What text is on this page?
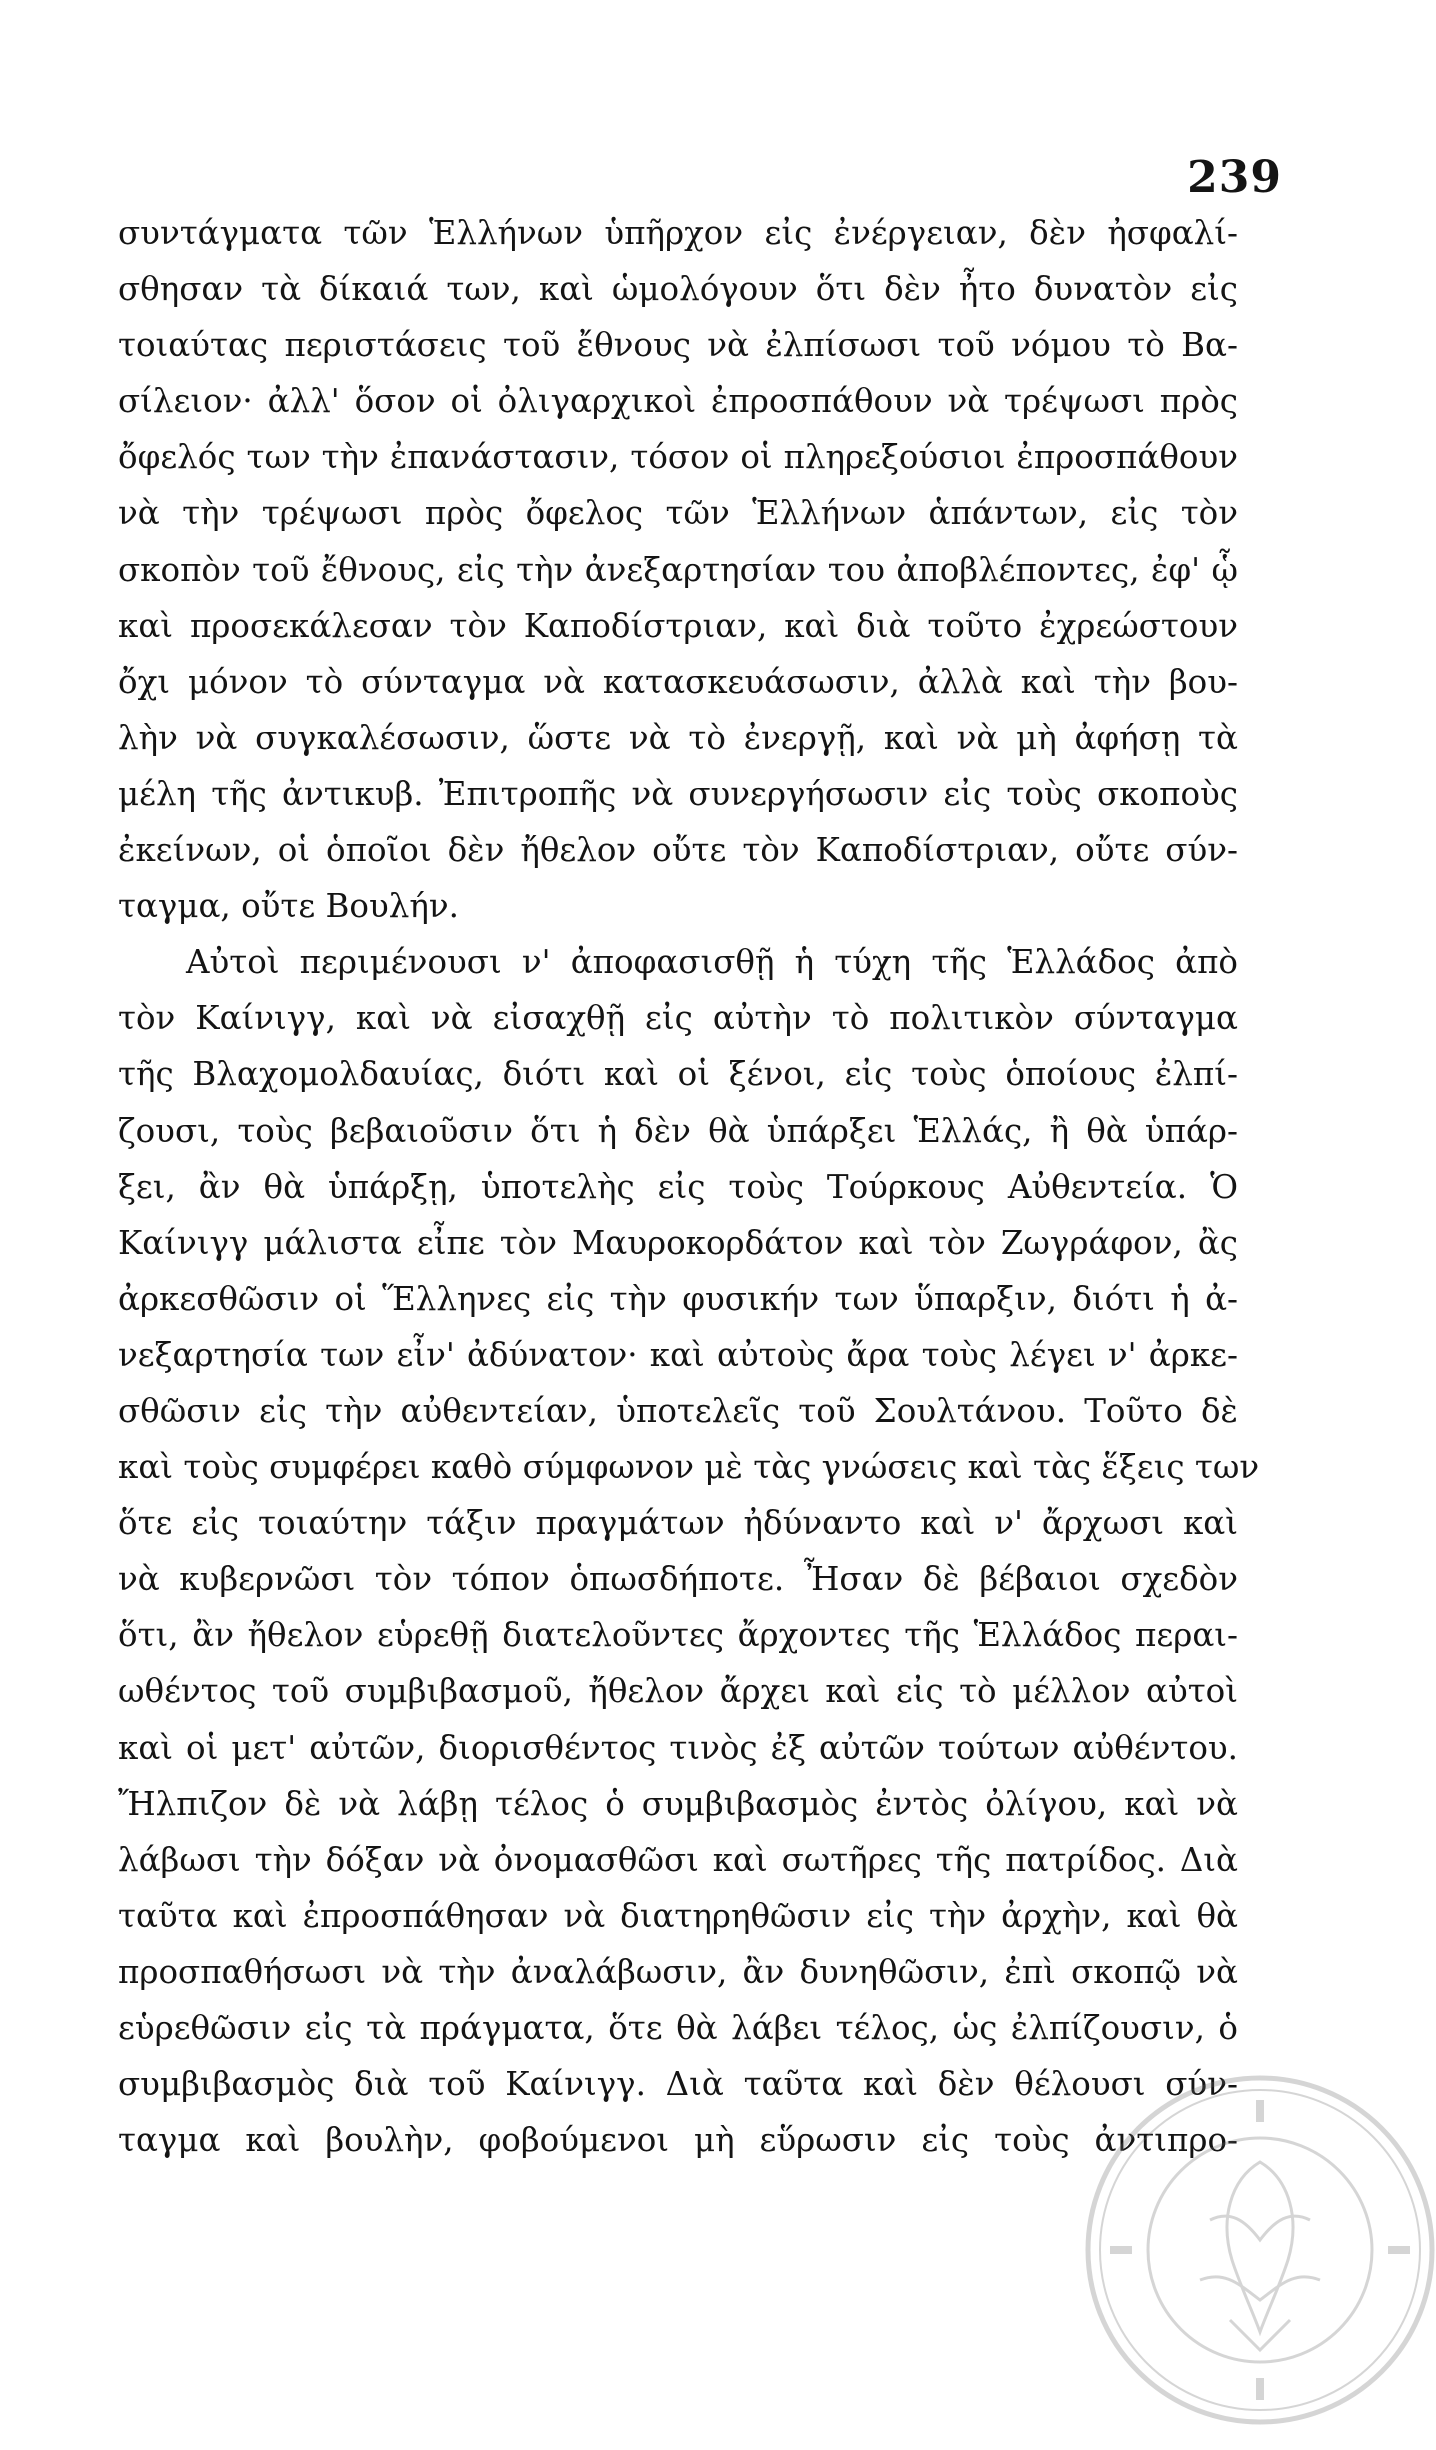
239
συντάγματα τῶν Ἑλλήνων ὑπῆρχον εἰς ἐνέργειαν, δὲν ἠσφαλί-
σθησαν τὰ δίκαιά των, καὶ ὡμολόγουν ὅτι δὲν ἦτο δυνατὸν εἰς
τοιαύτας περιστάσεις τοῦ ἔθνους νὰ ἐλπίσωσι τοῦ νόμου τὸ Βα-
σίλειον· ἀλλ' ὅσον οἱ ὀλιγαρχικοὶ ἐπροσπάθουν νὰ τρέψωσι πρὸς
ὄφελός των τὴν ἐπανάστασιν, τόσον οἱ πληρεξούσιοι ἐπροσπάθουν
νὰ τὴν τρέψωσι πρὸς ὄφελος τῶν Ἑλλήνων ἁπάντων, εἰς τὸν
σκοπὸν τοῦ ἔθνους, εἰς τὴν ἀνεξαρτησίαν του ἀποβλέποντες, ἐφ' ᾧ
καὶ προσεκάλεσαν τὸν Καποδίστριαν, καὶ διὰ τοῦτο ἐχρεώστουν
ὄχι μόνον τὸ σύνταγμα νὰ κατασκευάσωσιν, ἀλλὰ καὶ τὴν βου-
λὴν νὰ συγκαλέσωσιν, ὥστε νὰ τὸ ἐνεργῇ, καὶ νὰ μὴ ἀφήσῃ τὰ
μέλη τῆς ἀντικυβ. Ἐπιτροπῆς νὰ συνεργήσωσιν εἰς τοὺς σκοποὺς
ἐκείνων, οἱ ὁποῖοι δὲν ἤθελον οὔτε τὸν Καποδίστριαν, οὔτε σύν-
ταγμα, οὔτε Βουλήν.
Αὐτοὶ περιμένουσι ν' ἀποφασισθῇ ἡ τύχη τῆς Ἑλλάδος ἀπὸ
τὸν Καίνιγγ, καὶ νὰ εἰσαχθῇ εἰς αὐτὴν τὸ πολιτικὸν σύνταγμα
τῆς Βλαχομολδαυίας, διότι καὶ οἱ ξένοι, εἰς τοὺς ὁποίους ἐλπί-
ζουσι, τοὺς βεβαιοῦσιν ὅτι ἡ δὲν θὰ ὑπάρξει Ἑλλάς, ἢ θὰ ὑπάρ-
ξει, ἂν θὰ ὑπάρξῃ, ὑποτελὴς εἰς τοὺς Τούρκους Αὐθεντεία. Ὁ
Καίνιγγ μάλιστα εἶπε τὸν Μαυροκορδάτον καὶ τὸν Ζωγράφον, ἂς
ἀρκεσθῶσιν οἱ Ἕλληνες εἰς τὴν φυσικήν των ὕπαρξιν, διότι ἡ ἀ-
νεξαρτησία των εἶν' ἀδύνατον· καὶ αὐτοὺς ἄρα τοὺς λέγει ν' ἀρκε-
σθῶσιν εἰς τὴν αὐθεντείαν, ὑποτελεῖς τοῦ Σουλτάνου. Τοῦτο δὲ
καὶ τοὺς συμφέρει καθὸ σύμφωνον μὲ τὰς γνώσεις καὶ τὰς ἕξεις των
ὅτε εἰς τοιαύτην τάξιν πραγμάτων ἠδύναντο καὶ ν' ἄρχωσι καὶ
νὰ κυβερνῶσι τὸν τόπον ὁπωσδήποτε. Ἦσαν δὲ βέβαιοι σχεδὸν
ὅτι, ἂν ἤθελον εὑρεθῇ διατελοῦντες ἄρχοντες τῆς Ἑλλάδος περαι-
ωθέντος τοῦ συμβιβασμοῦ, ἤθελον ἄρχει καὶ εἰς τὸ μέλλον αὐτοὶ
καὶ οἱ μετ' αὐτῶν, διορισθέντος τινὸς ἐξ αὐτῶν τούτων αὐθέντου.
Ἤλπιζον δὲ νὰ λάβῃ τέλος ὁ συμβιβασμὸς ἐντὸς ὀλίγου, καὶ νὰ
λάβωσι τὴν δόξαν νὰ ὀνομασθῶσι καὶ σωτῆρες τῆς πατρίδος. Διὰ
ταῦτα καὶ ἐπροσπάθησαν νὰ διατηρηθῶσιν εἰς τὴν ἀρχὴν, καὶ θὰ
προσπαθήσωσι νὰ τὴν ἀναλάβωσιν, ἂν δυνηθῶσιν, ἐπὶ σκοπῷ νὰ
εὑρεθῶσιν εἰς τὰ πράγματα, ὅτε θὰ λάβει τέλος, ὡς ἐλπίζουσιν, ὁ
συμβιβασμὸς διὰ τοῦ Καίνιγγ. Διὰ ταῦτα καὶ δὲν θέλουσι σύν-
ταγμα καὶ βουλὴν, φοβούμενοι μὴ εὕρωσιν εἰς τοὺς ἀντιπρο-
